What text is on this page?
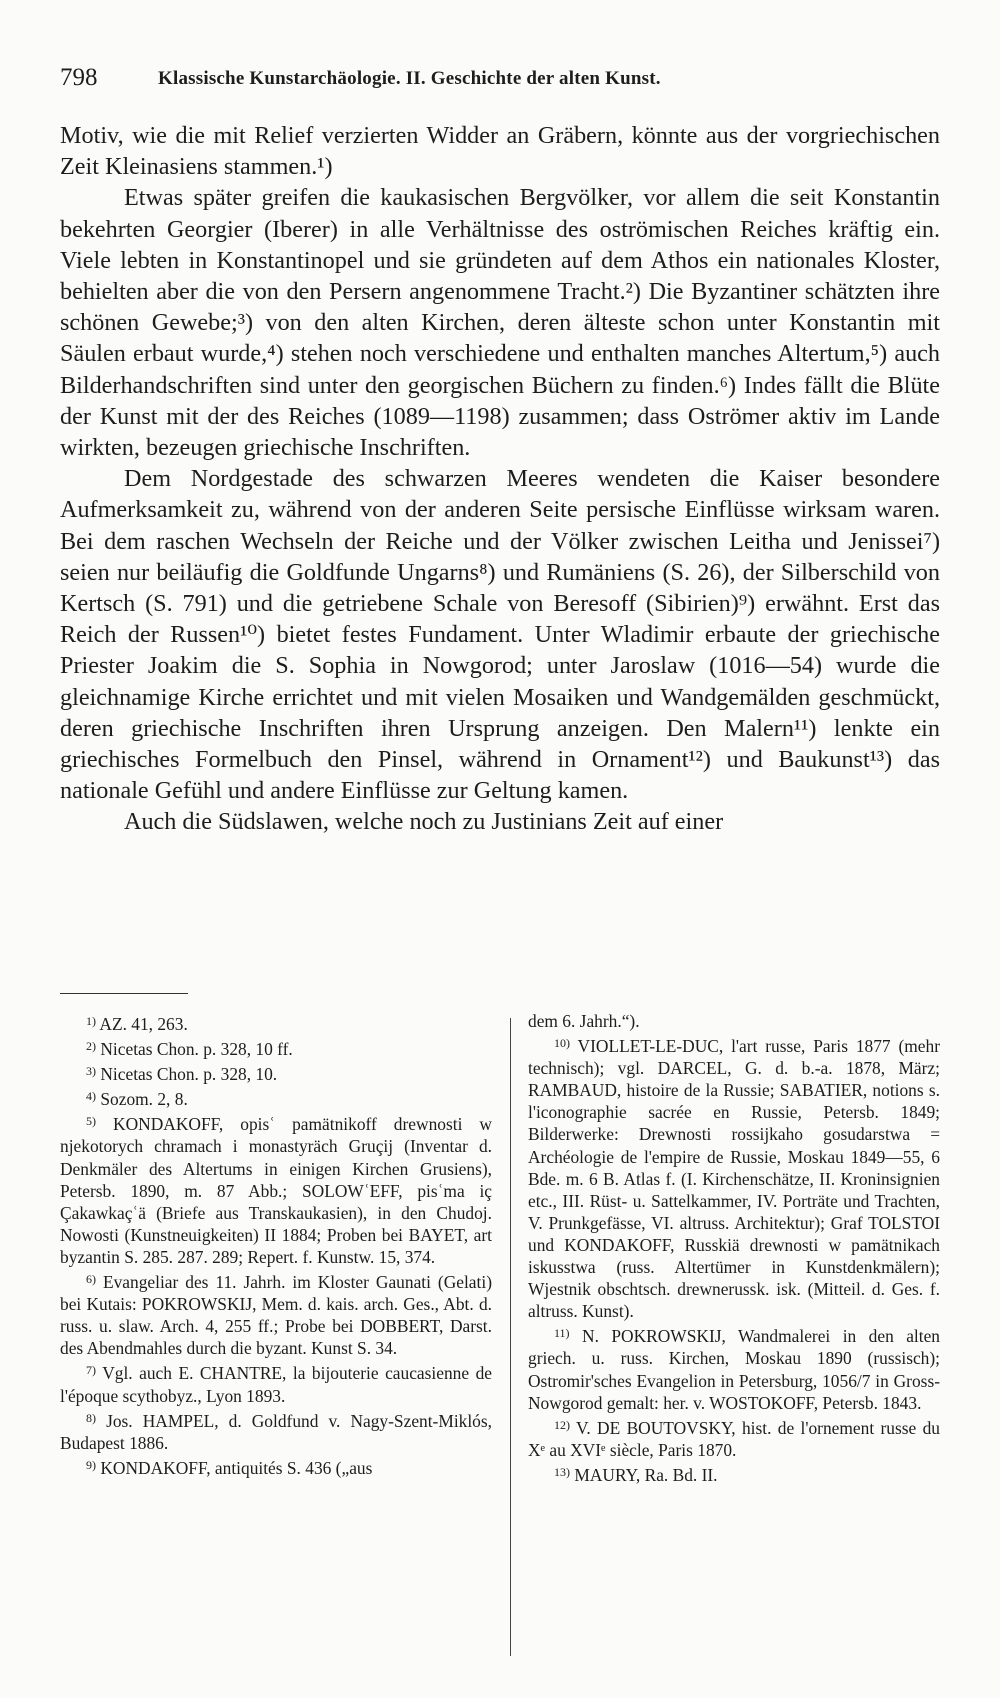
798	Klassische Kunstarchäologie. II. Geschichte der alten Kunst.

Motiv, wie die mit Relief verzierten Widder an Gräbern, könnte aus der vorgriechischen Zeit Kleinasiens stammen.¹)

Etwas später greifen die kaukasischen Bergvölker, vor allem die seit Konstantin bekehrten Georgier (Iberer) in alle Verhältnisse des oströmischen Reiches kräftig ein. Viele lebten in Konstantinopel und sie gründeten auf dem Athos ein nationales Kloster, behielten aber die von den Persern angenommene Tracht.²) Die Byzantiner schätzten ihre schönen Gewebe;³) von den alten Kirchen, deren älteste schon unter Konstantin mit Säulen erbaut wurde,⁴) stehen noch verschiedene und enthalten manches Altertum,⁵) auch Bilderhandschriften sind unter den georgischen Büchern zu finden.⁶) Indes fällt die Blüte der Kunst mit der des Reiches (1089—1198) zusammen; dass Oströmer aktiv im Lande wirkten, bezeugen griechische Inschriften.

Dem Nordgestade des schwarzen Meeres wendeten die Kaiser besondere Aufmerksamkeit zu, während von der anderen Seite persische Einflüsse wirksam waren. Bei dem raschen Wechseln der Reiche und der Völker zwischen Leitha und Jenissei⁷) seien nur beiläufig die Goldfunde Ungarns⁸) und Rumäniens (S. 26), der Silberschild von Kertsch (S. 791) und die getriebene Schale von Beresoff (Sibirien)⁹) erwähnt. Erst das Reich der Russen¹⁰) bietet festes Fundament. Unter Wladimir erbaute der griechische Priester Joakim die S. Sophia in Nowgorod; unter Jaroslaw (1016—54) wurde die gleichnamige Kirche errichtet und mit vielen Mosaiken und Wandgemälden geschmückt, deren griechische Inschriften ihren Ursprung anzeigen. Den Malern¹¹) lenkte ein griechisches Formelbuch den Pinsel, während in Ornament¹²) und Baukunst¹³) das nationale Gefühl und andere Einflüsse zur Geltung kamen.

Auch die Südslawen, welche noch zu Justinians Zeit auf einer

$^{1)}$ AZ. 41, 263.

$^{2)}$ Nicetas Chon. p. 328, 10 ff.

$^{3)}$ Nicetas Chon. p. 328, 10.

$^{4)}$ Sozom. 2, 8.

$^{5)}$ KONDAKOFF, opisʿ pamätnikoff drewnosti w njekotorych chramach i monastyräch Gruçij (Inventar d. Denkmäler des Altertums in einigen Kirchen Grusiens), Petersb. 1890, m. 87 Abb.; SOLOWʿEFF, pisʿma iç Çakawkaçʿä (Briefe aus Transkaukasien), in den Chudoj. Nowosti (Kunstneuigkeiten) II 1884; Proben bei BAYET, art byzantin S. 285. 287. 289; Repert. f. Kunstw. 15, 374.

$^{6)}$ Evangeliar des 11. Jahrh. im Kloster Gaunati (Gelati) bei Kutais: POKROWSKIJ, Mem. d. kais. arch. Ges., Abt. d. russ. u. slaw. Arch. 4, 255 ff.; Probe bei DOBBERT, Darst. des Abendmahles durch die byzant. Kunst S. 34.

$^{7)}$ Vgl. auch E. CHANTRE, la bijouterie caucasienne de l'époque scythobyz., Lyon 1893.

$^{8)}$ Jos. HAMPEL, d. Goldfund v. Nagy-Szent-Miklós, Budapest 1886.

$^{9)}$ KONDAKOFF, antiquités S. 436 („aus

dem 6. Jahrh.“).

$^{10)}$ VIOLLET-LE-DUC, l'art russe, Paris 1877 (mehr technisch); vgl. DARCEL, G. d. b.-a. 1878, März; RAMBAUD, histoire de la Russie; SABATIER, notions s. l'iconographie sacrée en Russie, Petersb. 1849; Bilderwerke: Drewnosti rossijkaho gosudarstwa = Archéologie de l'empire de Russie, Moskau 1849—55, 6 Bde. m. 6 B. Atlas f. (I. Kirchenschätze, II. Kroninsignien etc., III. Rüst- u. Sattelkammer, IV. Porträte und Trachten, V. Prunkgefässe, VI. altruss. Architektur); Graf TOLSTOI und KONDAKOFF, Russkiä drewnosti w pamätnikach iskusstwa (russ. Altertümer in Kunstdenkmälern); Wjestnik obschtsch. drewnerussk. isk. (Mitteil. d. Ges. f. altruss. Kunst).

$^{11)}$ N. POKROWSKIJ, Wandmalerei in den alten griech. u. russ. Kirchen, Moskau 1890 (russisch); Ostromir'sches Evangelion in Petersburg, 1056/7 in Gross-Nowgorod gemalt: her. v. WOSTOKOFF, Petersb. 1843.

$^{12)}$ V. DE BOUTOVSKY, hist. de l'ornement russe du Xᵉ au XVIᵉ siècle, Paris 1870.

$^{13)}$ MAURY, Ra. Bd. II.
